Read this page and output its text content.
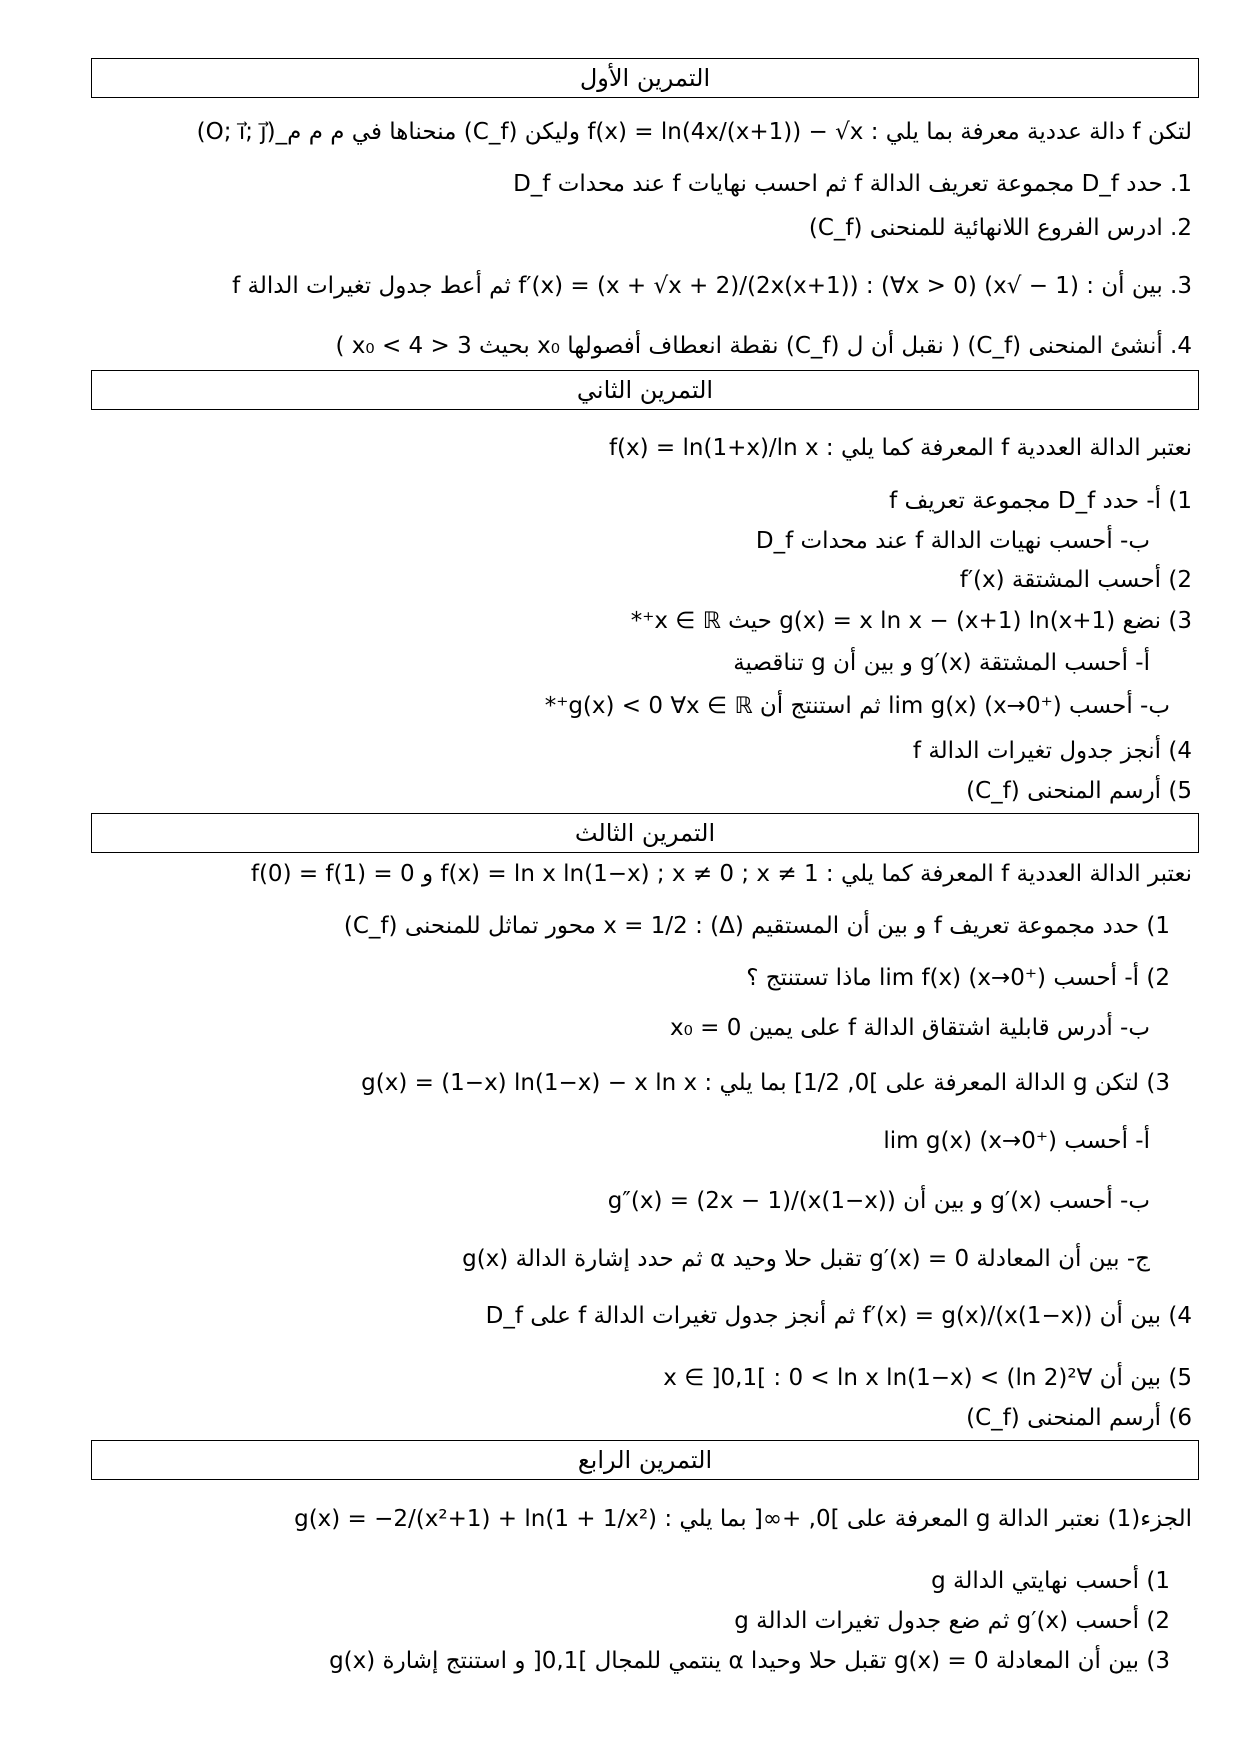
التمرين الأول
لتكن f دالة عددية معرفة بما يلي : f(x) = ln(4x/(x+1)) − √x وليكن (C_f) منحناها في م م م_(O; i⃗; j⃗)
1. حدد D_f مجموعة تعريف الدالة f ثم احسب نهايات f عند محدات D_f
2. ادرس الفروع اللانهائية للمنحنى (C_f)
3. بين أن : (1 − √x) f′(x) = (x + √x + 2)/(2x(x+1)) : (∀x > 0) ثم أعط جدول تغيرات الدالة f
4. أنشئ المنحنى (C_f) ( نقبل أن ل (C_f) نقطة انعطاف أفصولها x₀ بحيث 3 < x₀ < 4 )
التمرين الثاني
نعتبر الدالة العددية f المعرفة كما يلي : f(x) = ln(1+x)/ln x
1) أ- حدد D_f مجموعة تعريف f
ب- أحسب نهيات الدالة f عند محدات D_f
2) أحسب المشتقة f′(x)
3) نضع g(x) = x ln x − (x+1) ln(x+1) حيث x ∈ ℝ⁺*
أ- أحسب المشتقة g′(x) و بين أن g تناقصية
ب- أحسب lim g(x) (x→0⁺) ثم استنتج أن g(x) < 0 ∀x ∈ ℝ⁺*
4) أنجز جدول تغيرات الدالة f
5) أرسم المنحنى (C_f)
التمرين الثالث
نعتبر الدالة العددية f المعرفة كما يلي : f(x) = ln x ln(1−x) ; x ≠ 0 ; x ≠ 1 و f(0) = f(1) = 0
1) حدد مجموعة تعريف f و بين أن المستقيم (Δ) : x = 1/2 محور تماثل للمنحنى (C_f)
2) أ- أحسب lim f(x) (x→0⁺) ماذا تستنتج ؟
ب- أدرس قابلية اشتقاق الدالة f على يمين x₀ = 0
3) لتكن g الدالة المعرفة على ]0, 1/2] بما يلي : g(x) = (1−x) ln(1−x) − x ln x
أ- أحسب lim g(x) (x→0⁺)
ب- أحسب g′(x) و بين أن g″(x) = (2x − 1)/(x(1−x))
ج- بين أن المعادلة g′(x) = 0 تقبل حلا وحيد α ثم حدد إشارة الدالة g(x)
4) بين أن f′(x) = g(x)/(x(1−x)) ثم أنجز جدول تغيرات الدالة f على D_f
5) بين أن ∀x ∈ ]0,1[ : 0 < ln x ln(1−x) < (ln 2)²
6) أرسم المنحنى (C_f)
التمرين الرابع
الجزء(1) نعتبر الدالة g المعرفة على ]0, +∞[ بما يلي : g(x) = −2/(x²+1) + ln(1 + 1/x²)
1) أحسب نهايتي الدالة g
2) أحسب g′(x) ثم ضع جدول تغيرات الدالة g
3) بين أن المعادلة g(x) = 0 تقبل حلا وحيدا α ينتمي للمجال ]0,1[ و استنتج إشارة g(x)
